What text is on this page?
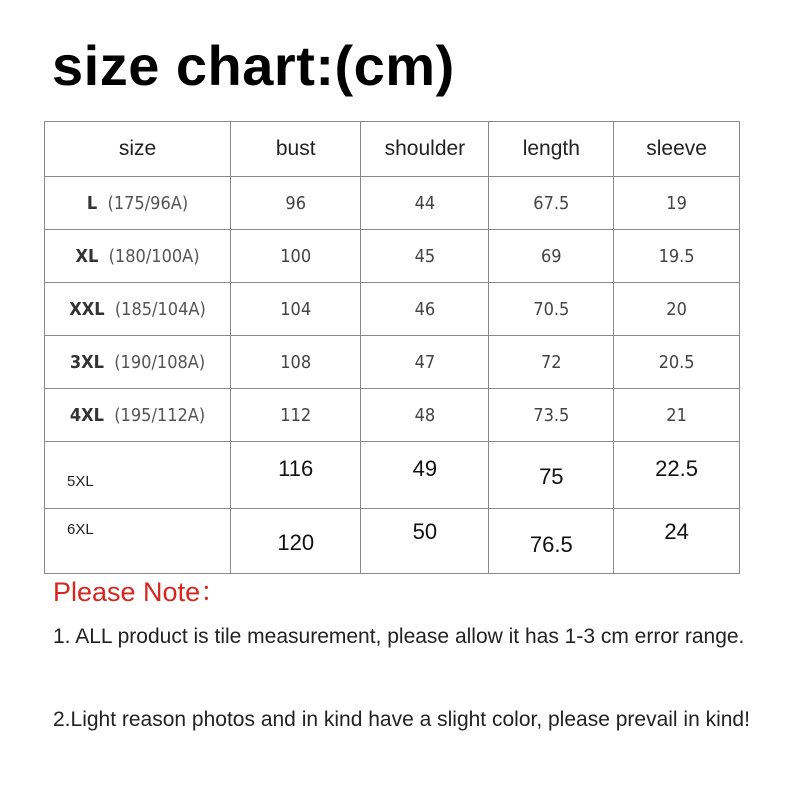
size chart:(cm)
size	bust	shoulder	length	sleeve
L (175/96A)	96	44	67.5	19
XL (180/100A)	100	45	69	19.5
XXL (185/104A)	104	46	70.5	20
3XL (190/108A)	108	47	72	20.5
4XL (195/112A)	112	48	73.5	21
5XL	116	49	75	22.5
6XL	120	50	76.5	24
Please Note：
1. ALL product is tile measurement, please allow it has 1-3 cm error range.
2.Light reason photos and in kind have a slight color, please prevail in kind!
